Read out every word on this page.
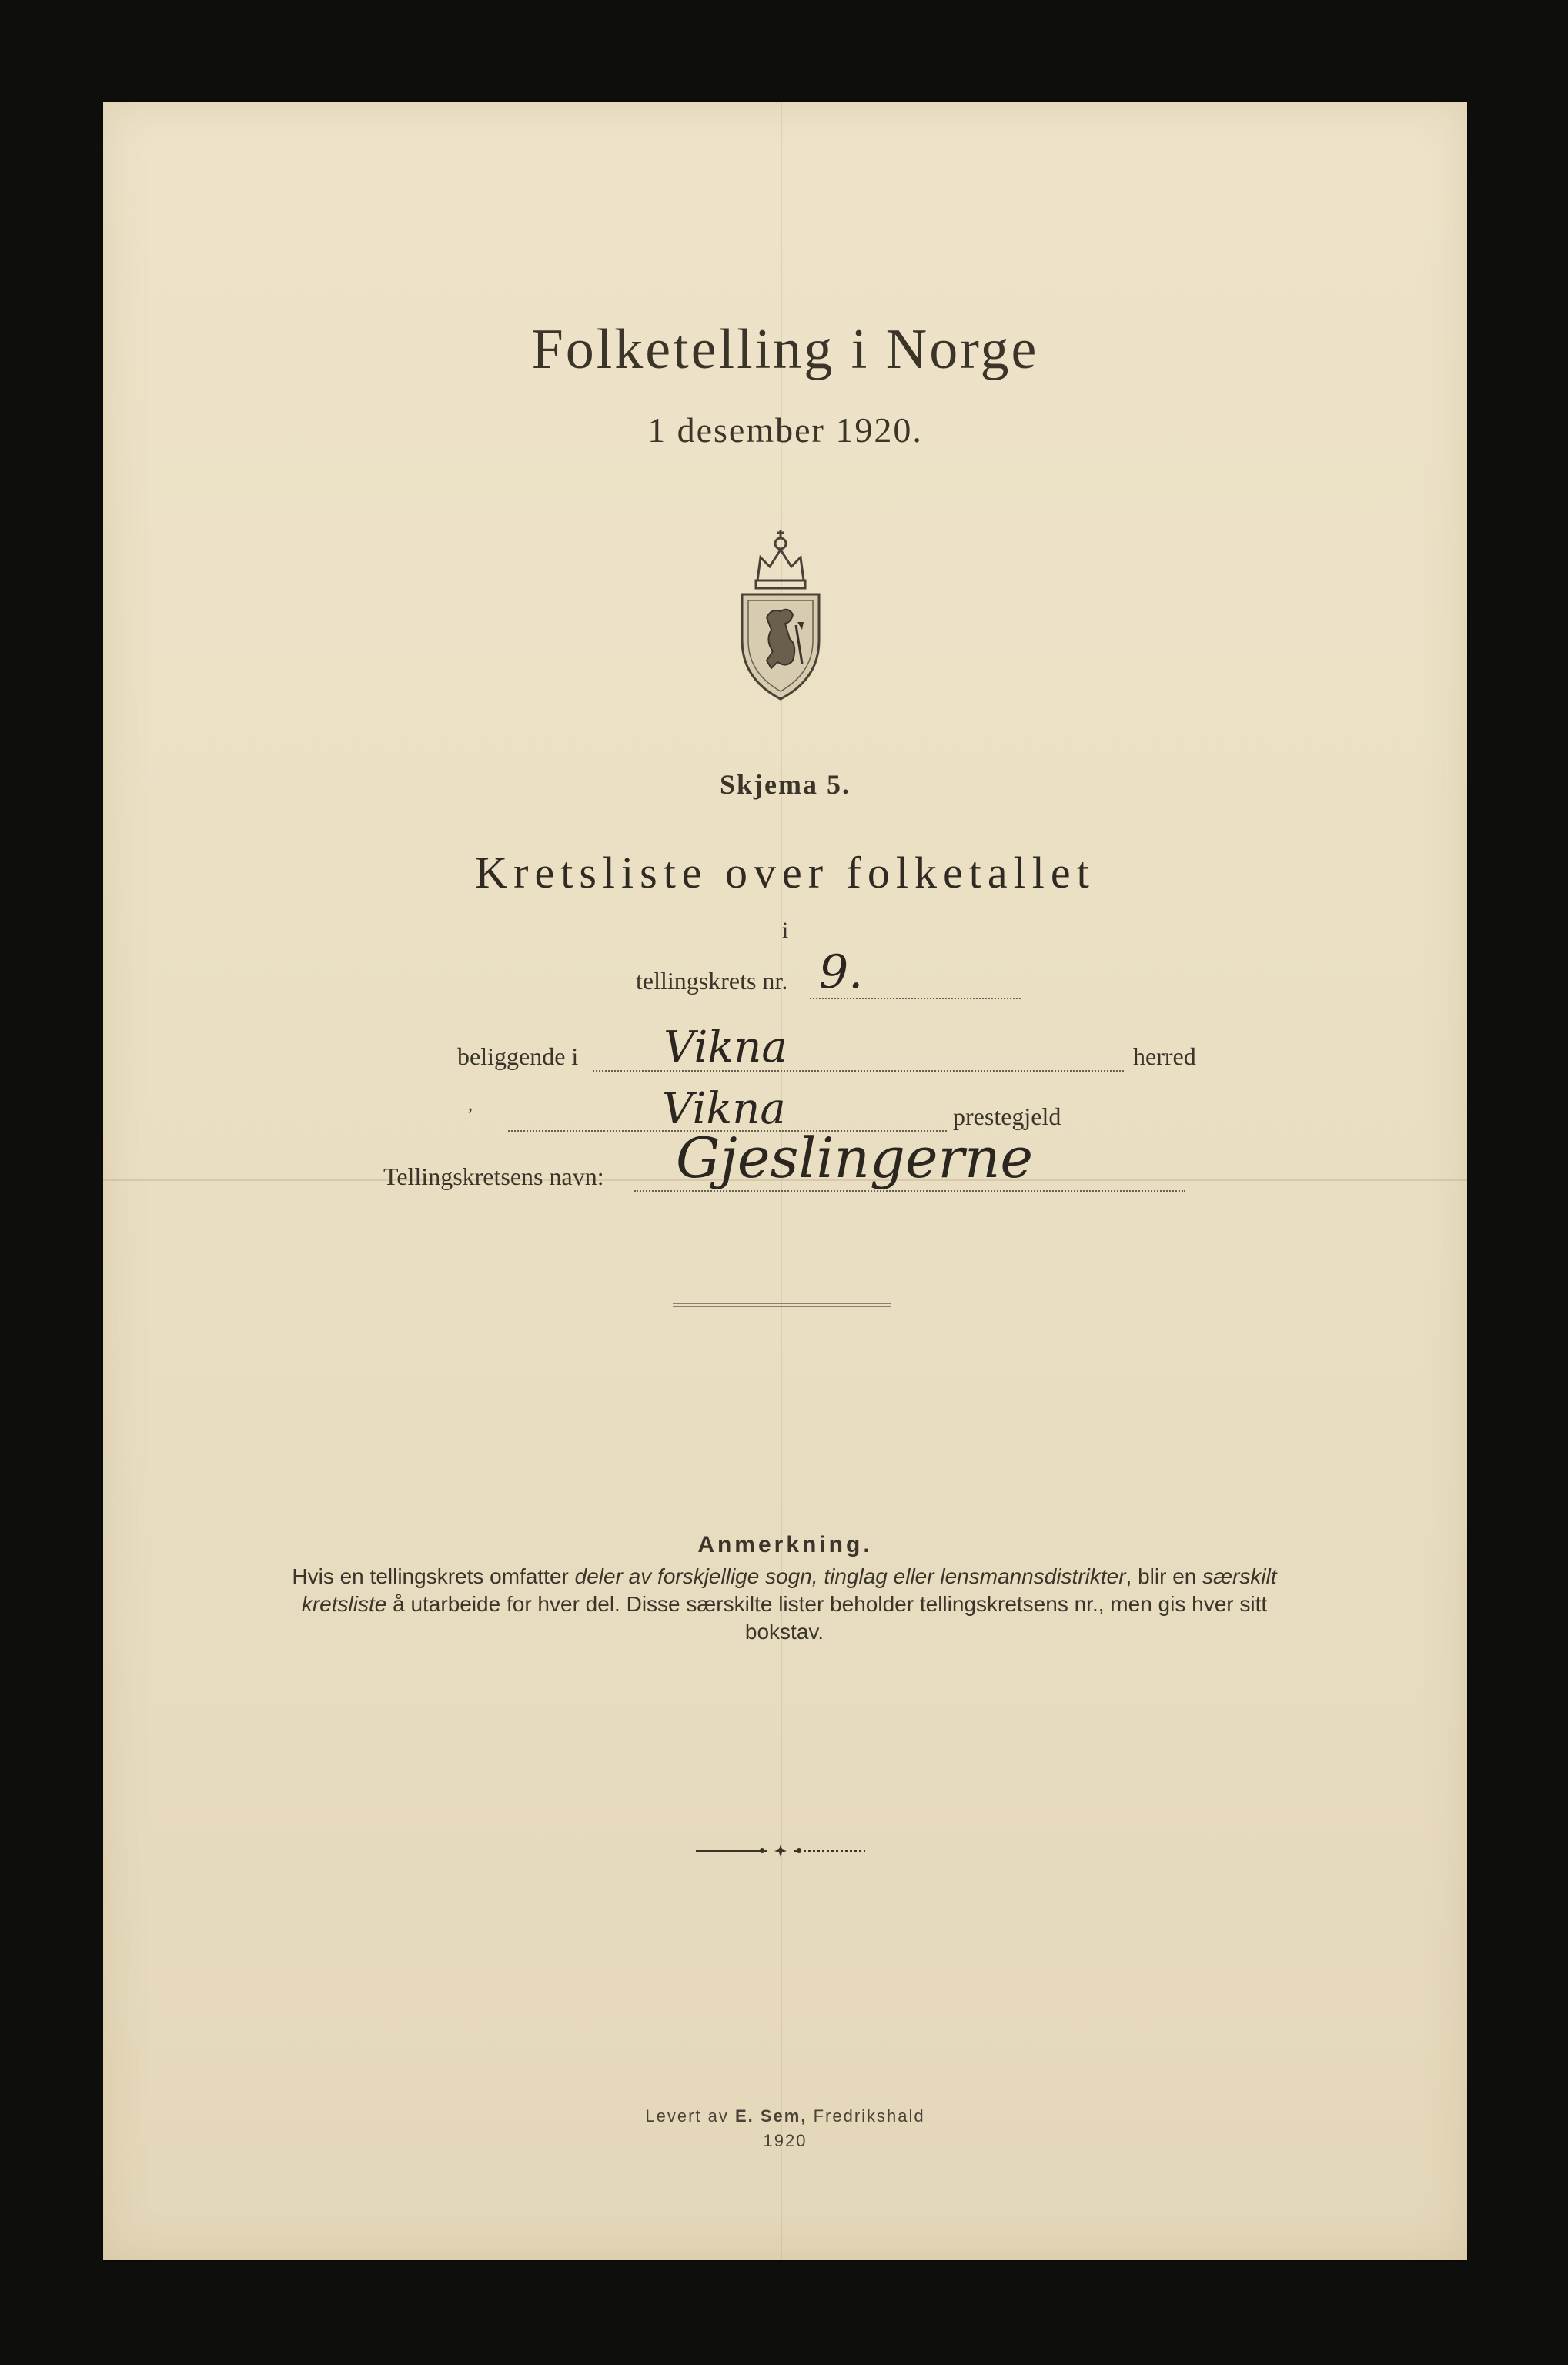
Folketelling i Norge
1 desember 1920.
Skjema 5.
Kretsliste over folketallet
i
tellingskrets nr. 9.
beliggende i Vikna	herred
,	Vikna	prestegjeld
Tellingskretsens navn: Gjeslingerne
Anmerkning.
Hvis en tellingskrets omfatter deler av forskjellige sogn, tinglag eller lensmannsdistrikter, blir en særskilt kretsliste å utarbeide for hver del. Disse særskilte lister beholder tellingskretsens nr., men gis hver sitt bokstav.
Levert av E. Sem, Fredrikshald
1920
